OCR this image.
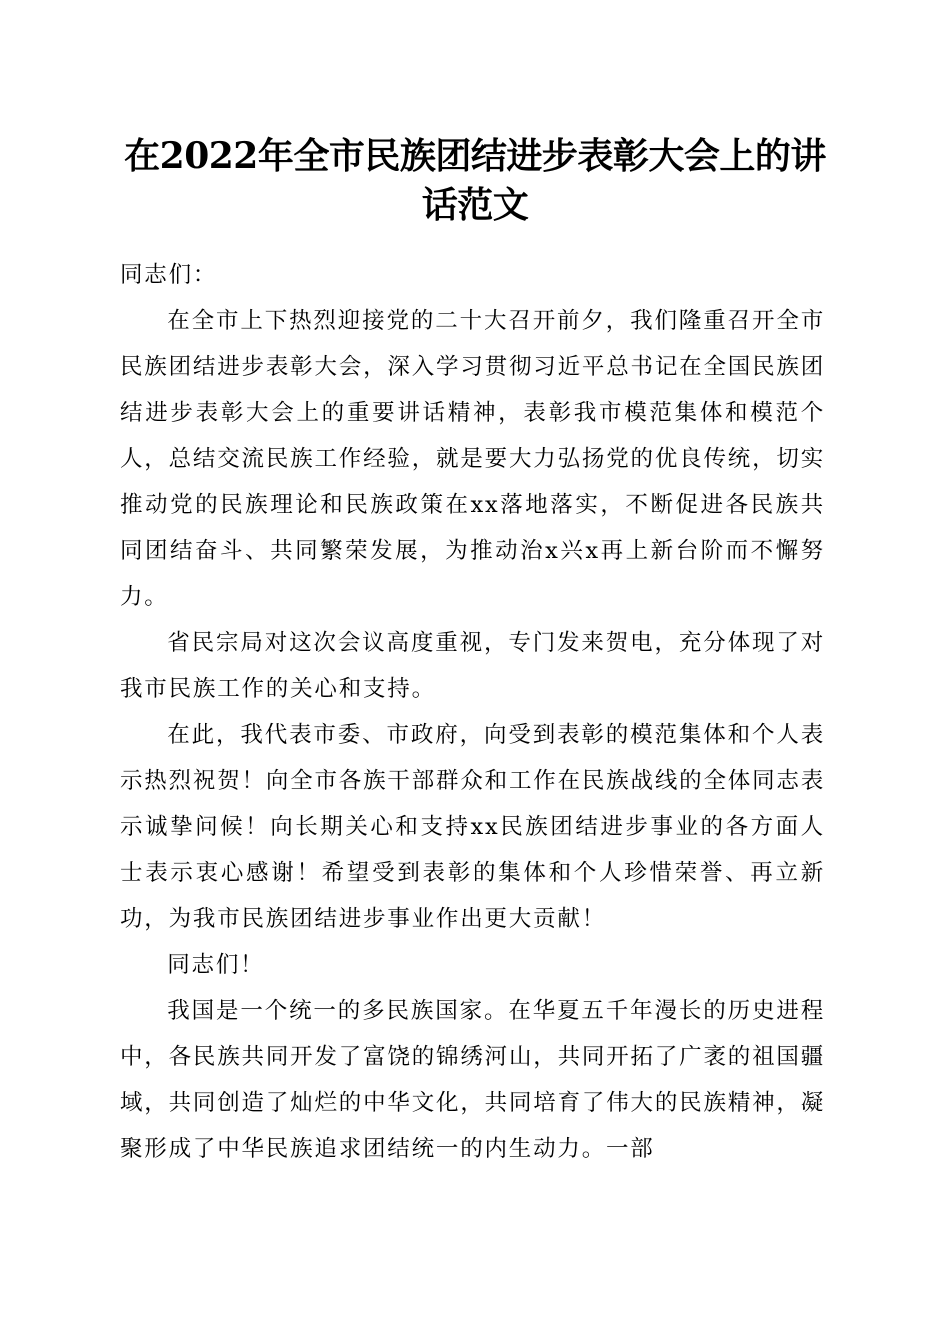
在2022年全市民族团结进步表彰大会上的讲
话范文

同志们：

在全市上下热烈迎接党的二十大召开前夕，我们隆重召开全市民族团结进步表彰大会，深入学习贯彻习近平总书记在全国民族团结进步表彰大会上的重要讲话精神，表彰我市模范集体和模范个人，总结交流民族工作经验，就是要大力弘扬党的优良传统，切实推动党的民族理论和民族政策在xx落地落实，不断促进各民族共同团结奋斗、共同繁荣发展，为推动治x兴x再上新台阶而不懈努力。

省民宗局对这次会议高度重视，专门发来贺电，充分体现了对我市民族工作的关心和支持。

在此，我代表市委、市政府，向受到表彰的模范集体和个人表示热烈祝贺！向全市各族干部群众和工作在民族战线的全体同志表示诚挚问候！向长期关心和支持xx民族团结进步事业的各方面人士表示衷心感谢！希望受到表彰的集体和个人珍惜荣誉、再立新功，为我市民族团结进步事业作出更大贡献！

同志们！

我国是一个统一的多民族国家。在华夏五千年漫长的历史进程中，各民族共同开发了富饶的锦绣河山，共同开拓了广袤的祖国疆域，共同创造了灿烂的中华文化，共同培育了伟大的民族精神，凝聚形成了中华民族追求团结统一的内生动力。一部
